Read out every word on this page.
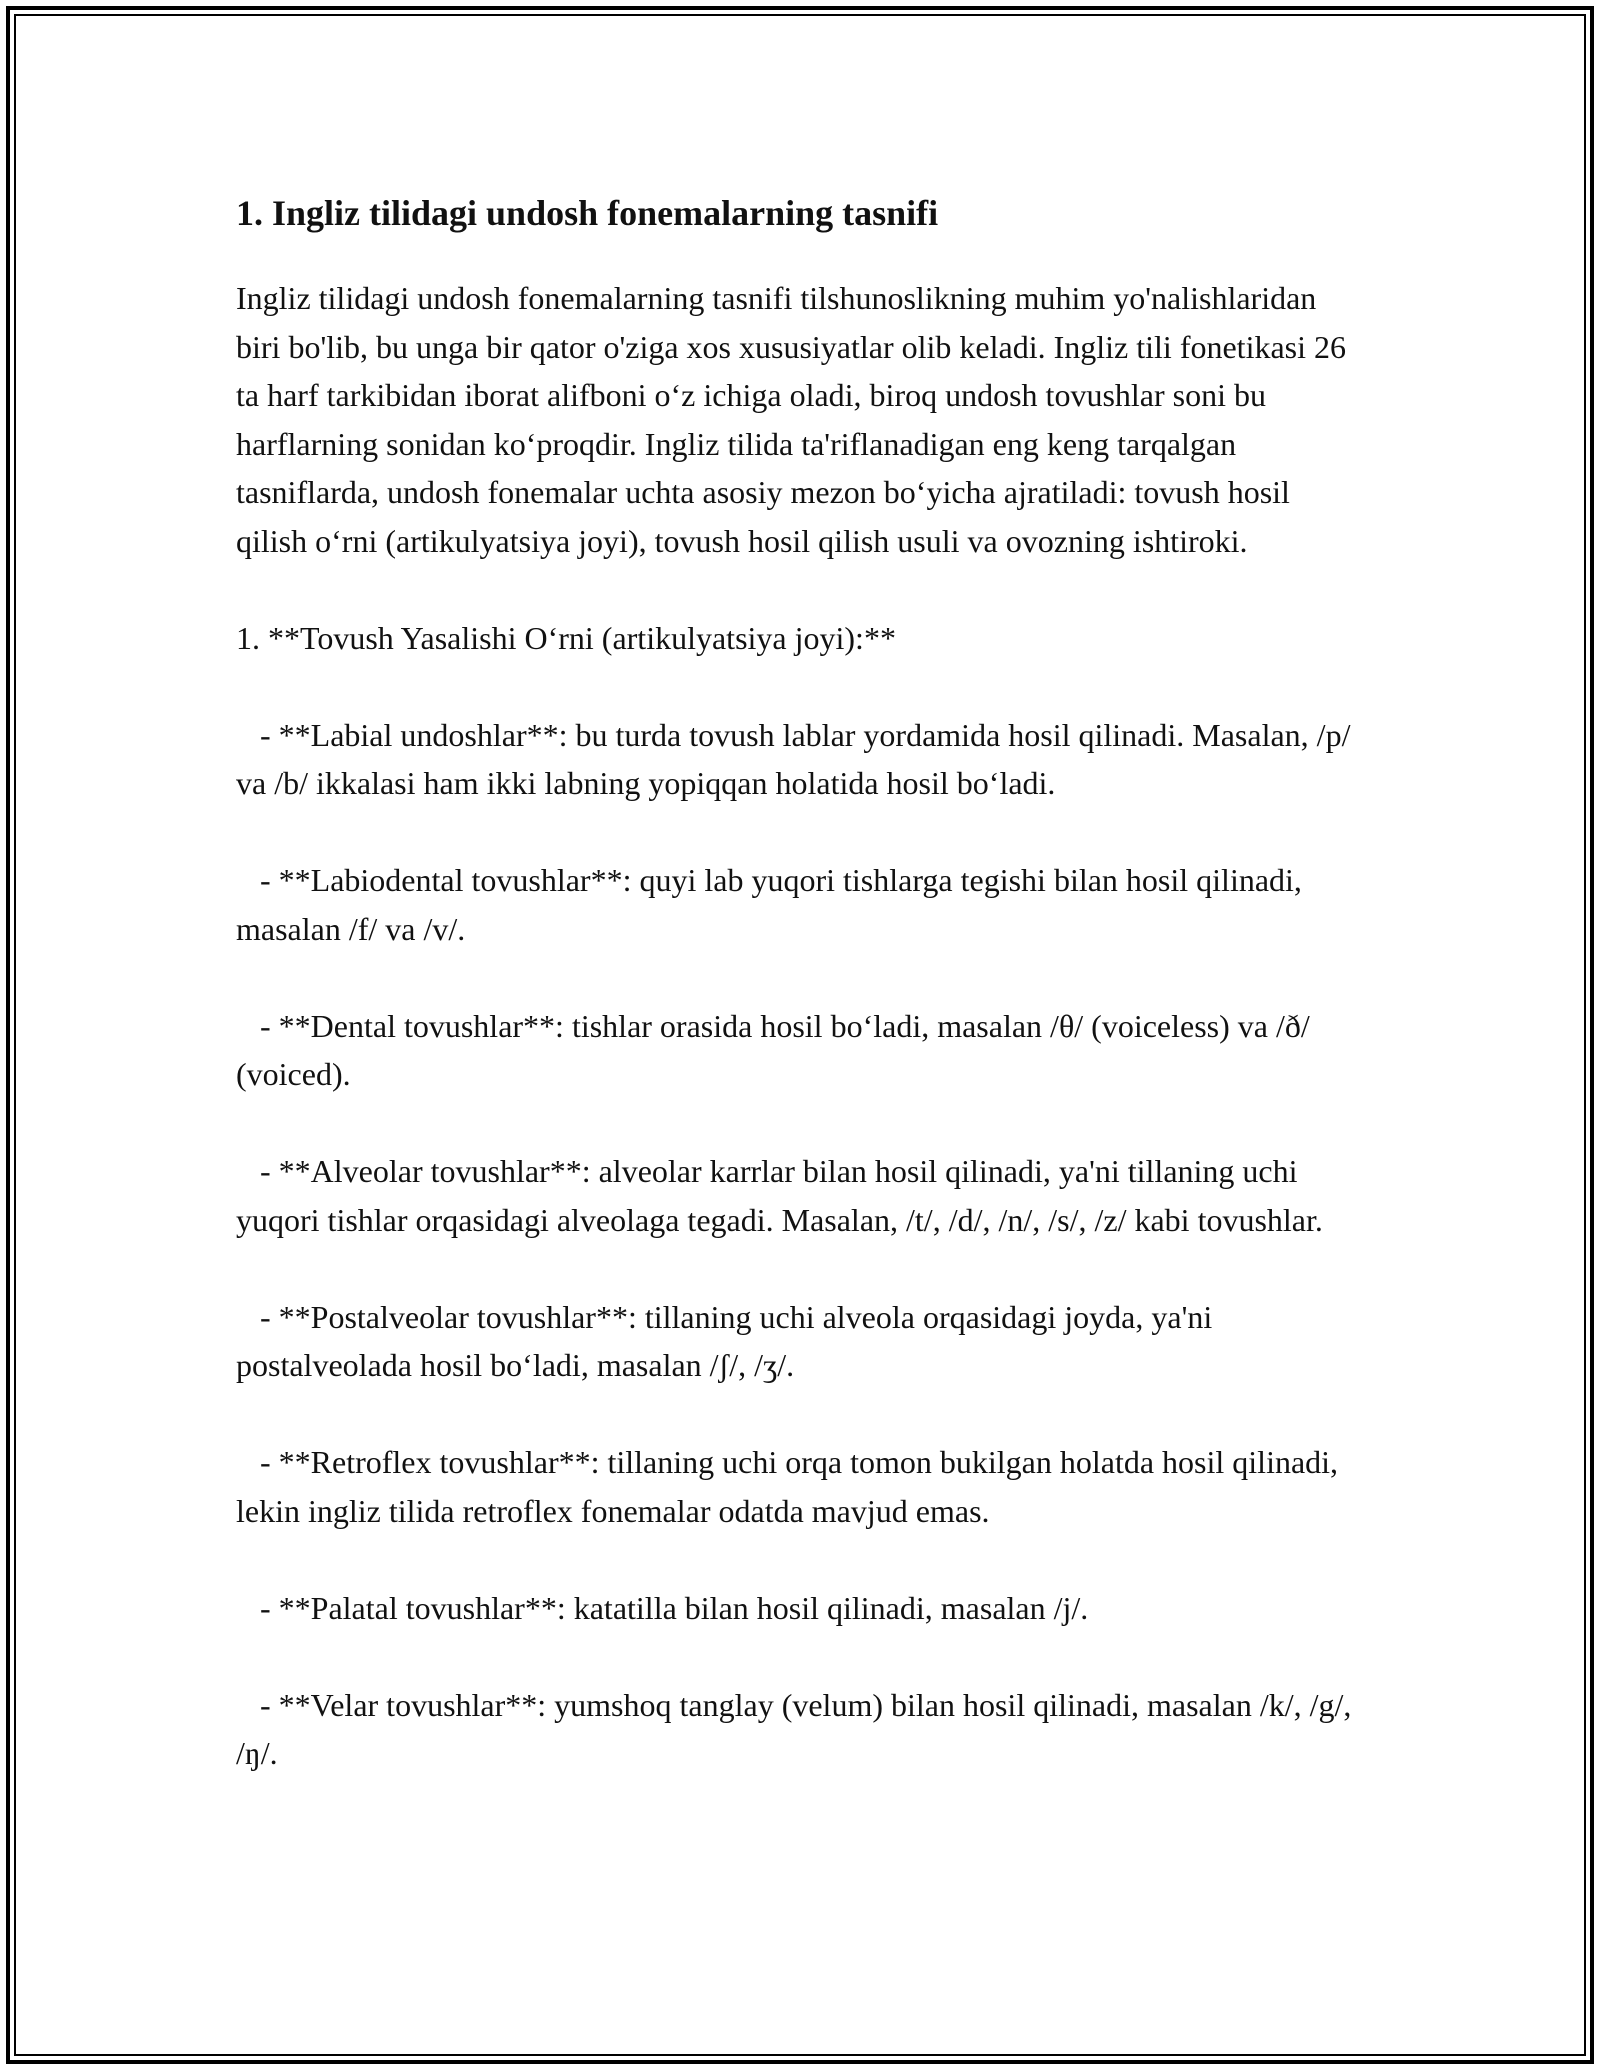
1. Ingliz tilidagi undosh fonemalarning tasnifi

Ingliz tilidagi undosh fonemalarning tasnifi tilshunoslikning muhim yo'nalishlaridan biri bo'lib, bu unga bir qator o'ziga xos xususiyatlar olib keladi. Ingliz tili fonetikasi 26 ta harf tarkibidan iborat alifboni o‘z ichiga oladi, biroq undosh tovushlar soni bu harflarning sonidan ko‘proqdir. Ingliz tilida ta'riflanadigan eng keng tarqalgan tasniflarda, undosh fonemalar uchta asosiy mezon bo‘yicha ajratiladi: tovush hosil qilish o‘rni (artikulyatsiya joyi), tovush hosil qilish usuli va ovozning ishtiroki.

1. **Tovush Yasalishi O‘rni (artikulyatsiya joyi):**

- **Labial undoshlar**: bu turda tovush lablar yordamida hosil qilinadi. Masalan, /p/ va /b/ ikkalasi ham ikki labning yopiqqan holatida hosil bo‘ladi.

- **Labiodental tovushlar**: quyi lab yuqori tishlarga tegishi bilan hosil qilinadi, masalan /f/ va /v/.

- **Dental tovushlar**: tishlar orasida hosil bo‘ladi, masalan /θ/ (voiceless) va /ð/ (voiced).

- **Alveolar tovushlar**: alveolar karrlar bilan hosil qilinadi, ya'ni tillaning uchi yuqori tishlar orqasidagi alveolaga tegadi. Masalan, /t/, /d/, /n/, /s/, /z/ kabi tovushlar.

- **Postalveolar tovushlar**: tillaning uchi alveola orqasidagi joyda, ya'ni postalveolada hosil bo‘ladi, masalan /ʃ/, /ʒ/.

- **Retroflex tovushlar**: tillaning uchi orqa tomon bukilgan holatda hosil qilinadi, lekin ingliz tilida retroflex fonemalar odatda mavjud emas.

- **Palatal tovushlar**: katatilla bilan hosil qilinadi, masalan /j/.

- **Velar tovushlar**: yumshoq tanglay (velum) bilan hosil qilinadi, masalan /k/, /g/, /ŋ/.
